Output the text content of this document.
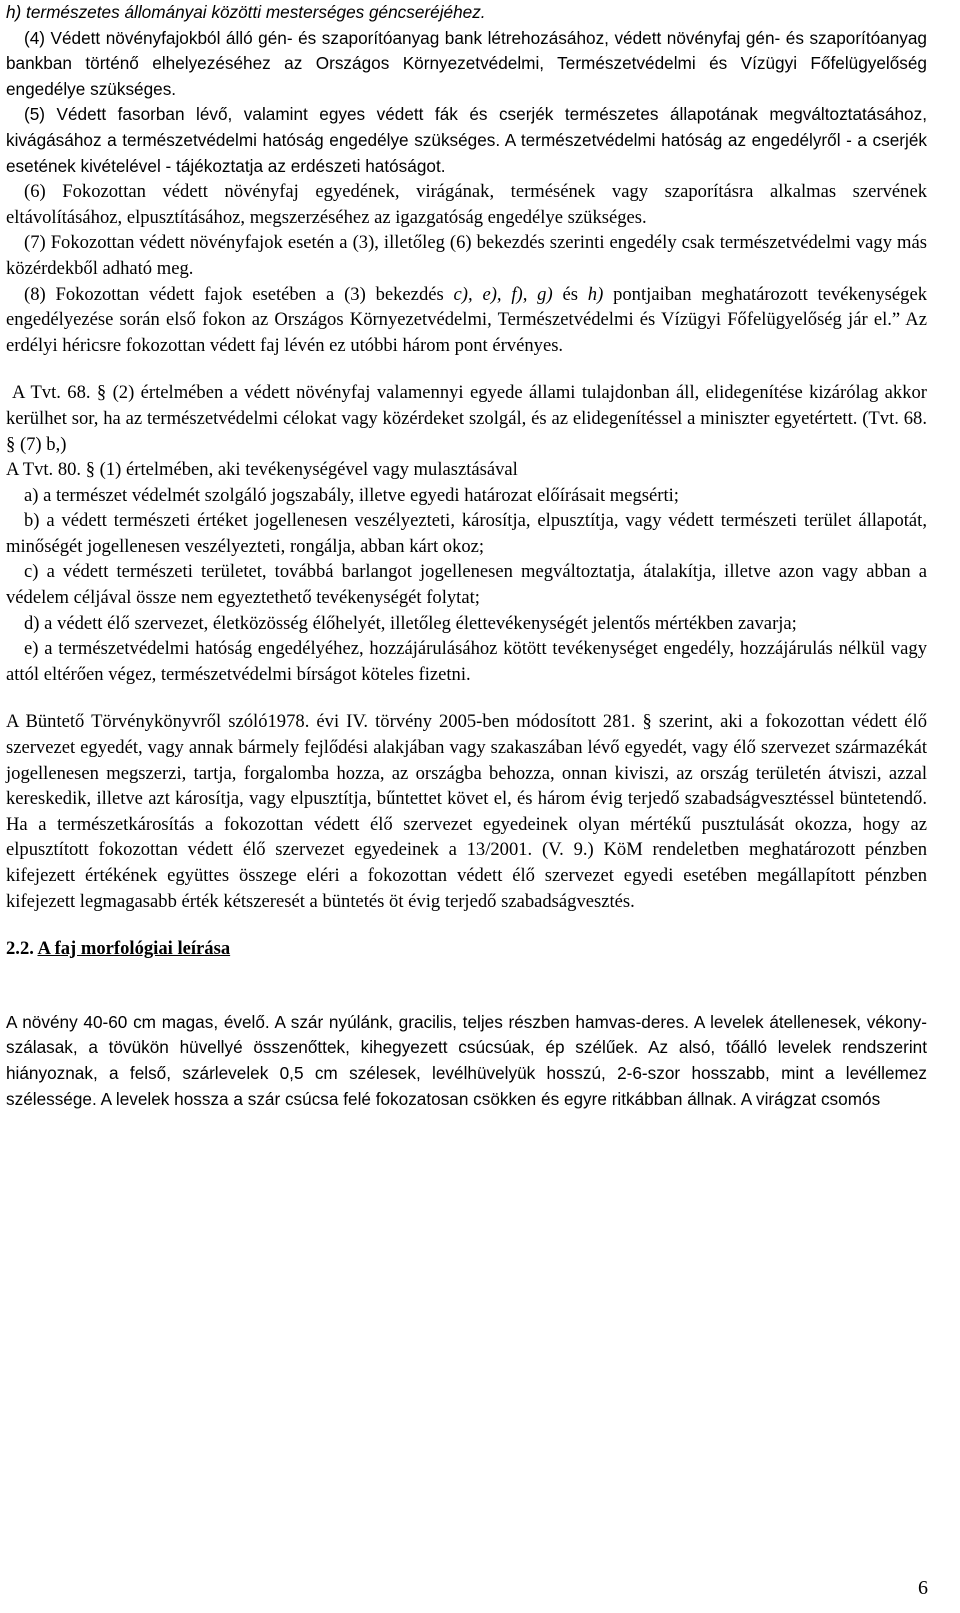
h) természetes állományai közötti mesterséges géncseréjéhez.

(4) Védett növényfajokból álló gén- és szaporítóanyag bank létrehozásához, védett növényfaj gén- és szaporítóanyag bankban történő elhelyezéséhez az Országos Környezetvédelmi, Természetvédelmi és Vízügyi Főfelügyelőség engedélye szükséges.

(5) Védett fasorban lévő, valamint egyes védett fák és cserjék természetes állapotának megváltoztatásához, kivágásához a természetvédelmi hatóság engedélye szükséges. A természetvédelmi hatóság az engedélyről - a cserjék esetének kivételével - tájékoztatja az erdészeti hatóságot.

(6) Fokozottan védett növényfaj egyedének, virágának, termésének vagy szaporításra alkalmas szervének eltávolításához, elpusztításához, megszerzéséhez az igazgatóság engedélye szükséges.

(7) Fokozottan védett növényfajok esetén a (3), illetőleg (6) bekezdés szerinti engedély csak természetvédelmi vagy más közérdekből adható meg.

(8) Fokozottan védett fajok esetében a (3) bekezdés c), e), f), g) és h) pontjaiban meghatározott tevékenységek engedélyezése során első fokon az Országos Környezetvédelmi, Természetvédelmi és Vízügyi Főfelügyelőség jár el.” Az erdélyi héricsre fokozottan védett faj lévén ez utóbbi három pont érvényes.

A Tvt. 68. § (2) értelmében a védett növényfaj valamennyi egyede állami tulajdonban áll, elidegenítése kizárólag akkor kerülhet sor, ha az természetvédelmi célokat vagy közérdeket szolgál, és az elidegenítéssel a miniszter egyetértett. (Tvt. 68. § (7) b,)

A Tvt. 80. § (1) értelmében, aki tevékenységével vagy mulasztásával

a) a természet védelmét szolgáló jogszabály, illetve egyedi határozat előírásait megsérti;

b) a védett természeti értéket jogellenesen veszélyezteti, károsítja, elpusztítja, vagy védett természeti terület állapotát, minőségét jogellenesen veszélyezteti, rongálja, abban kárt okoz;

c) a védett természeti területet, továbbá barlangot jogellenesen megváltoztatja, átalakítja, illetve azon vagy abban a védelem céljával össze nem egyeztethető tevékenységét folytat;

d) a védett élő szervezet, életközösség élőhelyét, illetőleg élettevékenységét jelentős mértékben zavarja;

e) a természetvédelmi hatóság engedélyéhez, hozzájárulásához kötött tevékenységet engedély, hozzájárulás nélkül vagy attól eltérően végez, természetvédelmi bírságot köteles fizetni.

A Büntető Törvénykönyvről szóló1978. évi IV. törvény 2005-ben módosított 281. § szerint, aki a fokozottan védett élő szervezet egyedét, vagy annak bármely fejlődési alakjában vagy szakaszában lévő egyedét, vagy élő szervezet származékát jogellenesen megszerzi, tartja, forgalomba hozza, az országba behozza, onnan kiviszi, az ország területén átviszi, azzal kereskedik, illetve azt károsítja, vagy elpusztítja, bűntettet követ el, és három évig terjedő szabadságvesztéssel büntetendő. Ha a természetkárosítás a fokozottan védett élő szervezet egyedeinek olyan mértékű pusztulását okozza, hogy az elpusztított fokozottan védett élő szervezet egyedeinek a 13/2001. (V. 9.) KöM rendeletben meghatározott pénzben kifejezett értékének együttes összege eléri a fokozottan védett élő szervezet egyedi esetében megállapított pénzben kifejezett legmagasabb érték kétszeresét a büntetés öt évig terjedő szabadságvesztés.

2.2. A faj morfológiai leírása

A növény 40-60 cm magas, évelő. A szár nyúlánk, gracilis, teljes részben hamvas-deres. A levelek átellenesek, vékony-szálasak, a tövükön hüvellyé összenőttek, kihegyezett csúcsúak, ép szélűek. Az alsó, tőálló levelek rendszerint hiányoznak, a felső, szárlevelek 0,5 cm szélesek, levélhüvelyük hosszú, 2-6-szor hosszabb, mint a levéllemez szélessége. A levelek hossza a szár csúcsa felé fokozatosan csökken és egyre ritkábban állnak. A virágzat csomós

6
